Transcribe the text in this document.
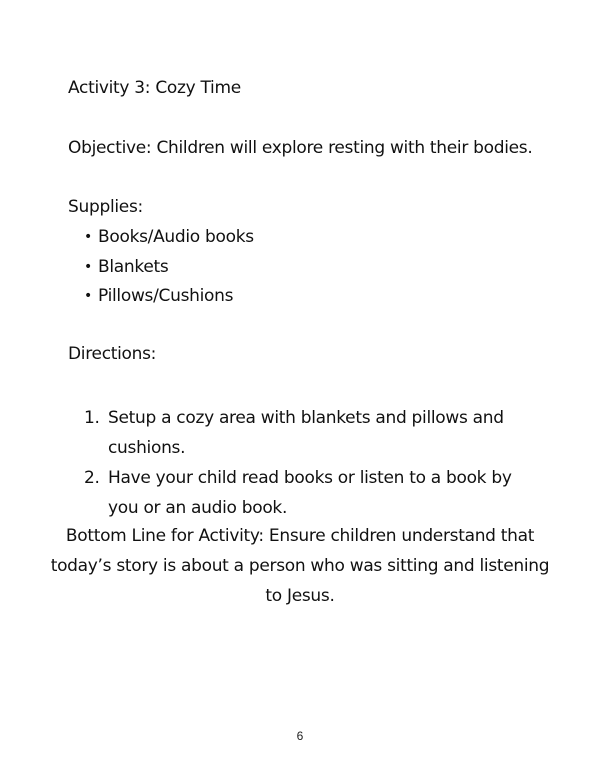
Activity 3: Cozy Time
Objective: Children will explore resting with their bodies.
Supplies:
• Books/Audio books
• Blankets
• Pillows/Cushions
Directions:
1. Setup a cozy area with blankets and pillows and cushions.
2. Have your child read books or listen to a book by you or an audio book.
Bottom Line for Activity: Ensure children understand that today’s story is about a person who was sitting and listening to Jesus.
6
